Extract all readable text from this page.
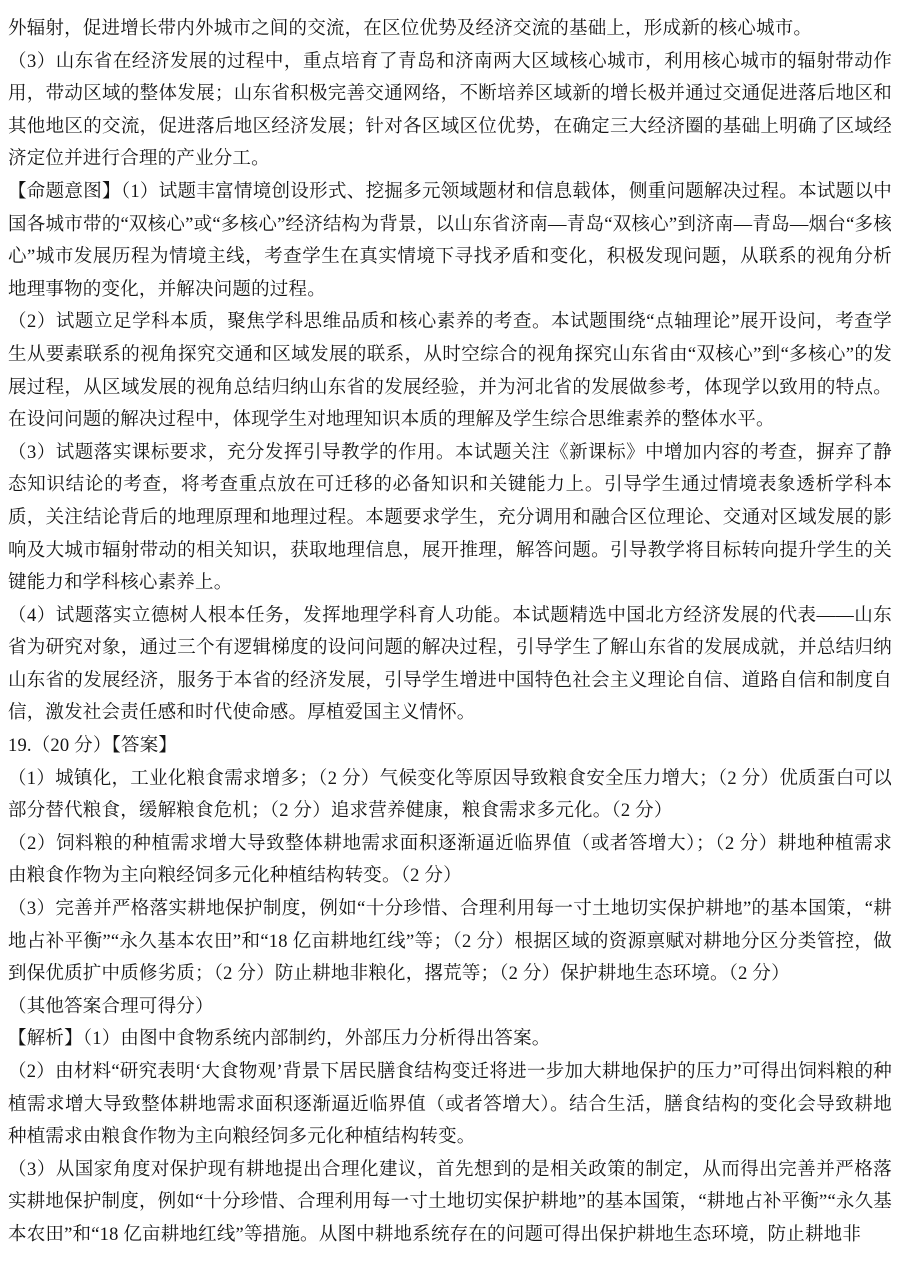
外辐射，促进增长带内外城市之间的交流，在区位优势及经济交流的基础上，形成新的核心城市。

（3）山东省在经济发展的过程中，重点培育了青岛和济南两大区域核心城市，利用核心城市的辐射带动作用，带动区域的整体发展；山东省积极完善交通网络，不断培养区域新的增长极并通过交通促进落后地区和其他地区的交流，促进落后地区经济发展；针对各区域区位优势，在确定三大经济圈的基础上明确了区域经济定位并进行合理的产业分工。

【命题意图】（1）试题丰富情境创设形式、挖掘多元领域题材和信息载体，侧重问题解决过程。本试题以中国各城市带的“双核心”或“多核心”经济结构为背景，以山东省济南—青岛“双核心”到济南—青岛—烟台“多核心”城市发展历程为情境主线，考查学生在真实情境下寻找矛盾和变化，积极发现问题，从联系的视角分析地理事物的变化，并解决问题的过程。

（2）试题立足学科本质，聚焦学科思维品质和核心素养的考查。本试题围绕“点轴理论”展开设问，考查学生从要素联系的视角探究交通和区域发展的联系，从时空综合的视角探究山东省由“双核心”到“多核心”的发展过程，从区域发展的视角总结归纳山东省的发展经验，并为河北省的发展做参考，体现学以致用的特点。在设问问题的解决过程中，体现学生对地理知识本质的理解及学生综合思维素养的整体水平。

（3）试题落实课标要求，充分发挥引导教学的作用。本试题关注《新课标》中增加内容的考查，摒弃了静态知识结论的考查，将考查重点放在可迁移的必备知识和关键能力上。引导学生通过情境表象透析学科本质，关注结论背后的地理原理和地理过程。本题要求学生，充分调用和融合区位理论、交通对区域发展的影响及大城市辐射带动的相关知识，获取地理信息，展开推理，解答问题。引导教学将目标转向提升学生的关键能力和学科核心素养上。

（4）试题落实立德树人根本任务，发挥地理学科育人功能。本试题精选中国北方经济发展的代表——山东省为研究对象，通过三个有逻辑梯度的设问问题的解决过程，引导学生了解山东省的发展成就，并总结归纳山东省的发展经济，服务于本省的经济发展，引导学生增进中国特色社会主义理论自信、道路自信和制度自信，激发社会责任感和时代使命感。厚植爱国主义情怀。

19.（20 分）【答案】

（1）城镇化，工业化粮食需求增多；（2 分）气候变化等原因导致粮食安全压力增大；（2 分）优质蛋白可以部分替代粮食，缓解粮食危机；（2 分）追求营养健康，粮食需求多元化。（2 分）

（2）饲料粮的种植需求增大导致整体耕地需求面积逐渐逼近临界值（或者答增大）；（2 分）耕地种植需求由粮食作物为主向粮经饲多元化种植结构转变。（2 分）

（3）完善并严格落实耕地保护制度，例如“十分珍惜、合理利用每一寸土地切实保护耕地”的基本国策，“耕地占补平衡”“永久基本农田”和“18 亿亩耕地红线”等；（2 分）根据区域的资源禀赋对耕地分区分类管控，做到保优质扩中质修劣质；（2 分）防止耕地非粮化，撂荒等；（2 分）保护耕地生态环境。（2 分）

（其他答案合理可得分）

【解析】（1）由图中食物系统内部制约，外部压力分析得出答案。

（2）由材料“研究表明‘大食物观’背景下居民膳食结构变迁将进一步加大耕地保护的压力”可得出饲料粮的种植需求增大导致整体耕地需求面积逐渐逼近临界值（或者答增大）。结合生活，膳食结构的变化会导致耕地种植需求由粮食作物为主向粮经饲多元化种植结构转变。

（3）从国家角度对保护现有耕地提出合理化建议，首先想到的是相关政策的制定，从而得出完善并严格落实耕地保护制度，例如“十分珍惜、合理利用每一寸土地切实保护耕地”的基本国策，“耕地占补平衡”“永久基本农田”和“18 亿亩耕地红线”等措施。从图中耕地系统存在的问题可得出保护耕地生态环境，防止耕地非
